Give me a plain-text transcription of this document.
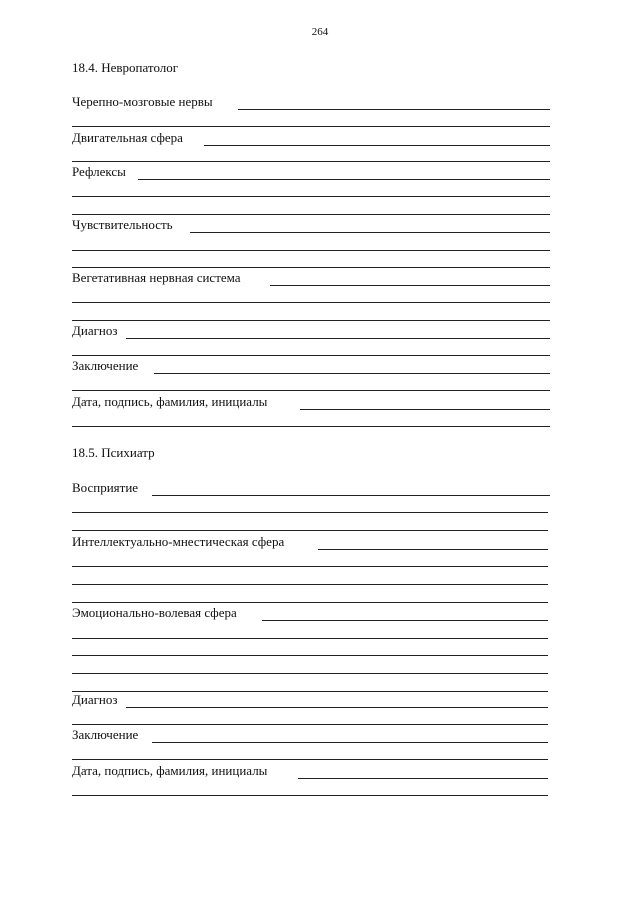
264
18.4. Невропатолог
Черепно-мозговые нервы
Двигательная сфера
Рефлексы
Чувствительность
Вегетативная нервная система
Диагноз
Заключение
Дата, подпись, фамилия, инициалы
18.5. Психиатр
Восприятие
Интеллектуально-мнестическая сфера
Эмоционально-волевая сфера
Диагноз
Заключение
Дата, подпись, фамилия, инициалы
